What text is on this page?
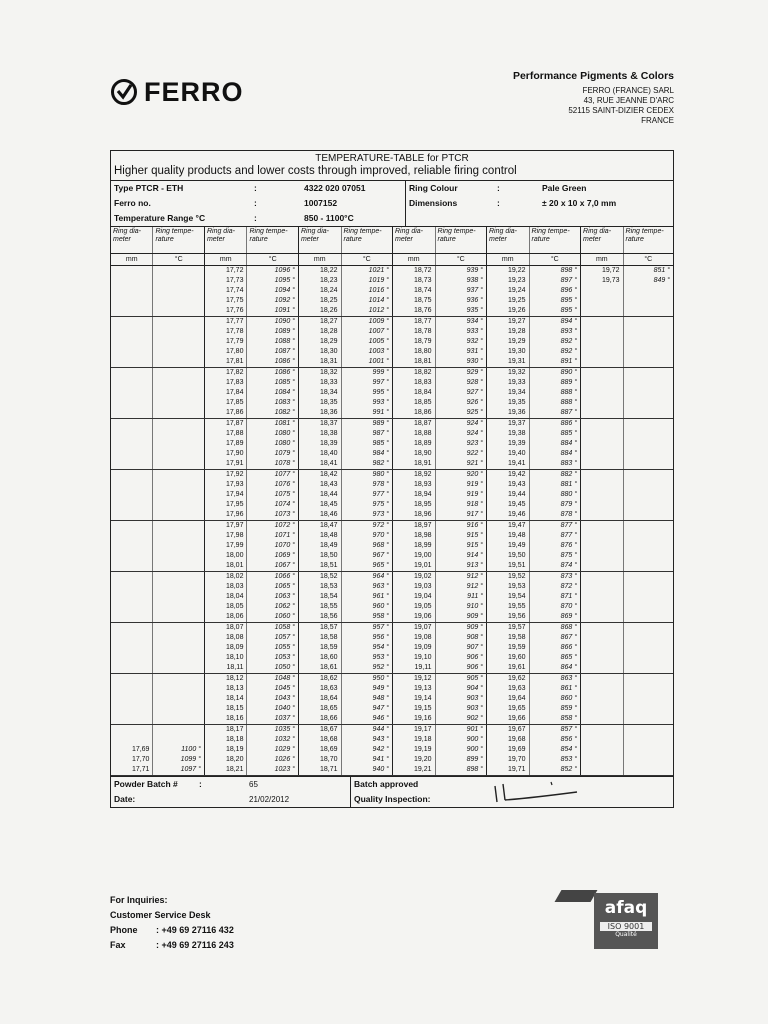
FERRO
Performance Pigments & Colors
FERRO (FRANCE) SARL
43, RUE JEANNE D'ARC
52115 SAINT-DIZIER CEDEX
FRANCE
TEMPERATURE-TABLE for PTCR
Higher quality products and lower costs through improved, reliable firing control
Type PTCR - ETH	:	4322 020 07051
Ferro no.	:	1007152
Temperature Range °C	:	850 - 1100°C
Ring Colour	:	Pale Green
Dimensions	:	± 20 x 10 x 7,0 mm
Ring dia- meter	Ring tempe- rature	Ring dia- meter	Ring tempe- rature	Ring dia- meter	Ring tempe- rature	Ring dia- meter	Ring tempe- rature	Ring dia- meter	Ring tempe- rature	Ring dia- meter	Ring tempe- rature
mm	°C	mm	°C	mm	°C	mm	°C	mm	°C	mm	°C
		17,72	1096 °	18,22	1021 °	18,72	939 °	19,22	898 °	19,72	851 °
		17,73	1095 °	18,23	1019 °	18,73	938 °	19,23	897 °	19,73	849 °
		17,74	1094 °	18,24	1016 °	18,74	937 °	19,24	896 °		
		17,75	1092 °	18,25	1014 °	18,75	936 °	19,25	895 °		
		17,76	1091 °	18,26	1012 °	18,76	935 °	19,26	895 °		
		17,77	1090 °	18,27	1009 °	18,77	934 °	19,27	894 °		
		17,78	1089 °	18,28	1007 °	18,78	933 °	19,28	893 °		
		17,79	1088 °	18,29	1005 °	18,79	932 °	19,29	892 °		
		17,80	1087 °	18,30	1003 °	18,80	931 °	19,30	892 °		
		17,81	1086 °	18,31	1001 °	18,81	930 °	19,31	891 °		
		17,82	1086 °	18,32	999 °	18,82	929 °	19,32	890 °		
		17,83	1085 °	18,33	997 °	18,83	928 °	19,33	889 °		
		17,84	1084 °	18,34	995 °	18,84	927 °	19,34	888 °		
		17,85	1083 °	18,35	993 °	18,85	926 °	19,35	888 °		
		17,86	1082 °	18,36	991 °	18,86	925 °	19,36	887 °		
		17,87	1081 °	18,37	989 °	18,87	924 °	19,37	886 °		
		17,88	1080 °	18,38	987 °	18,88	924 °	19,38	885 °		
		17,89	1080 °	18,39	985 °	18,89	923 °	19,39	884 °		
		17,90	1079 °	18,40	984 °	18,90	922 °	19,40	884 °		
		17,91	1078 °	18,41	982 °	18,91	921 °	19,41	883 °		
		17,92	1077 °	18,42	980 °	18,92	920 °	19,42	882 °		
		17,93	1076 °	18,43	978 °	18,93	919 °	19,43	881 °		
		17,94	1075 °	18,44	977 °	18,94	919 °	19,44	880 °		
		17,95	1074 °	18,45	975 °	18,95	918 °	19,45	879 °		
		17,96	1073 °	18,46	973 °	18,96	917 °	19,46	878 °		
		17,97	1072 °	18,47	972 °	18,97	916 °	19,47	877 °		
		17,98	1071 °	18,48	970 °	18,98	915 °	19,48	877 °		
		17,99	1070 °	18,49	968 °	18,99	915 °	19,49	876 °		
		18,00	1069 °	18,50	967 °	19,00	914 °	19,50	875 °		
		18,01	1067 °	18,51	965 °	19,01	913 °	19,51	874 °		
		18,02	1066 °	18,52	964 °	19,02	912 °	19,52	873 °		
		18,03	1065 °	18,53	963 °	19,03	912 °	19,53	872 °		
		18,04	1063 °	18,54	961 °	19,04	911 °	19,54	871 °		
		18,05	1062 °	18,55	960 °	19,05	910 °	19,55	870 °		
		18,06	1060 °	18,56	958 °	19,06	909 °	19,56	869 °		
		18,07	1058 °	18,57	957 °	19,07	909 °	19,57	868 °		
		18,08	1057 °	18,58	956 °	19,08	908 °	19,58	867 °		
		18,09	1055 °	18,59	954 °	19,09	907 °	19,59	866 °		
		18,10	1053 °	18,60	953 °	19,10	906 °	19,60	865 °		
		18,11	1050 °	18,61	952 °	19,11	906 °	19,61	864 °		
		18,12	1048 °	18,62	950 °	19,12	905 °	19,62	863 °		
		18,13	1045 °	18,63	949 °	19,13	904 °	19,63	861 °		
		18,14	1043 °	18,64	948 °	19,14	903 °	19,64	860 °		
		18,15	1040 °	18,65	947 °	19,15	903 °	19,65	859 °		
		18,16	1037 °	18,66	946 °	19,16	902 °	19,66	858 °		
		18,17	1035 °	18,67	944 °	19,17	901 °	19,67	857 °		
		18,18	1032 °	18,68	943 °	19,18	900 °	19,68	856 °		
17,69	1100 °	18,19	1029 °	18,69	942 °	19,19	900 °	19,69	854 °		
17,70	1099 °	18,20	1026 °	18,70	941 °	19,20	899 °	19,70	853 °		
17,71	1097 °	18,21	1023 °	18,71	940 °	19,21	898 °	19,71	852 °		
Powder Batch #	:	65
Date:	21/02/2012
Batch approved
Quality Inspection:
For Inquiries:
Customer Service Desk
Phone	: +49 69 27116 432
Fax	: +49 69 27116 243
afaq
ISO 9001
Qualité
